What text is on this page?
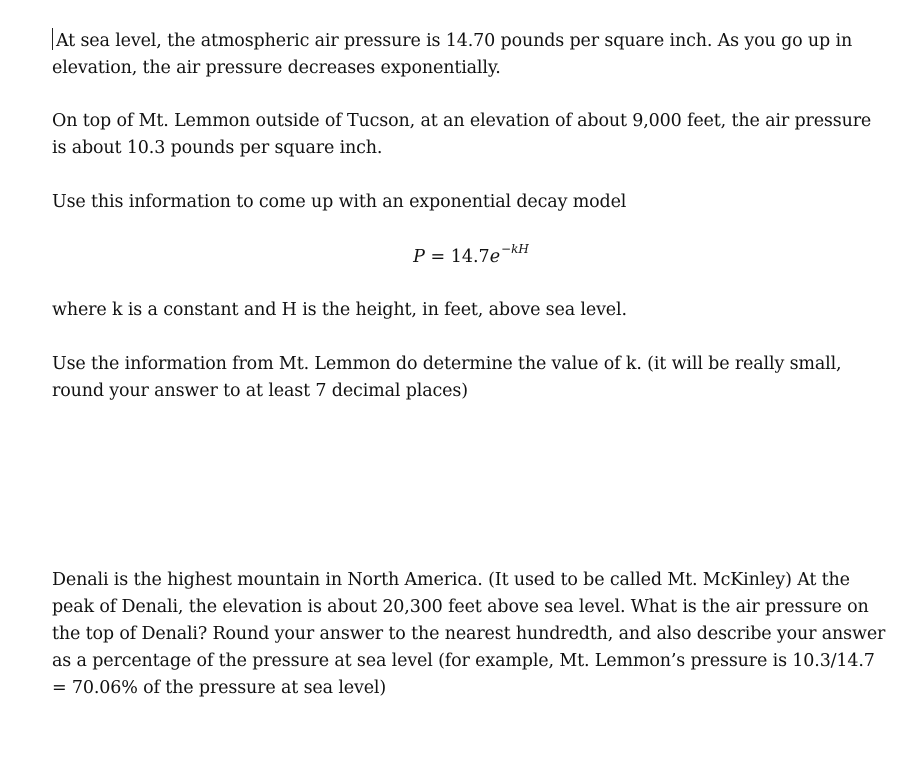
At sea level, the atmospheric air pressure is 14.70 pounds per square inch. As you go up in elevation, the air pressure decreases exponentially.

On top of Mt. Lemmon outside of Tucson, at an elevation of about 9,000 feet, the air pressure is about 10.3 pounds per square inch.

Use this information to come up with an exponential decay model

$P = 14.7e^{-kH}$

where k is a constant and H is the height, in feet, above sea level.

Use the information from Mt. Lemmon do determine the value of k. (it will be really small, round your answer to at least 7 decimal places)

Denali is the highest mountain in North America. (It used to be called Mt. McKinley) At the peak of Denali, the elevation is about 20,300 feet above sea level. What is the air pressure on the top of Denali? Round your answer to the nearest hundredth, and also describe your answer as a percentage of the pressure at sea level (for example, Mt. Lemmon’s pressure is 10.3/14.7 = 70.06% of the pressure at sea level)
